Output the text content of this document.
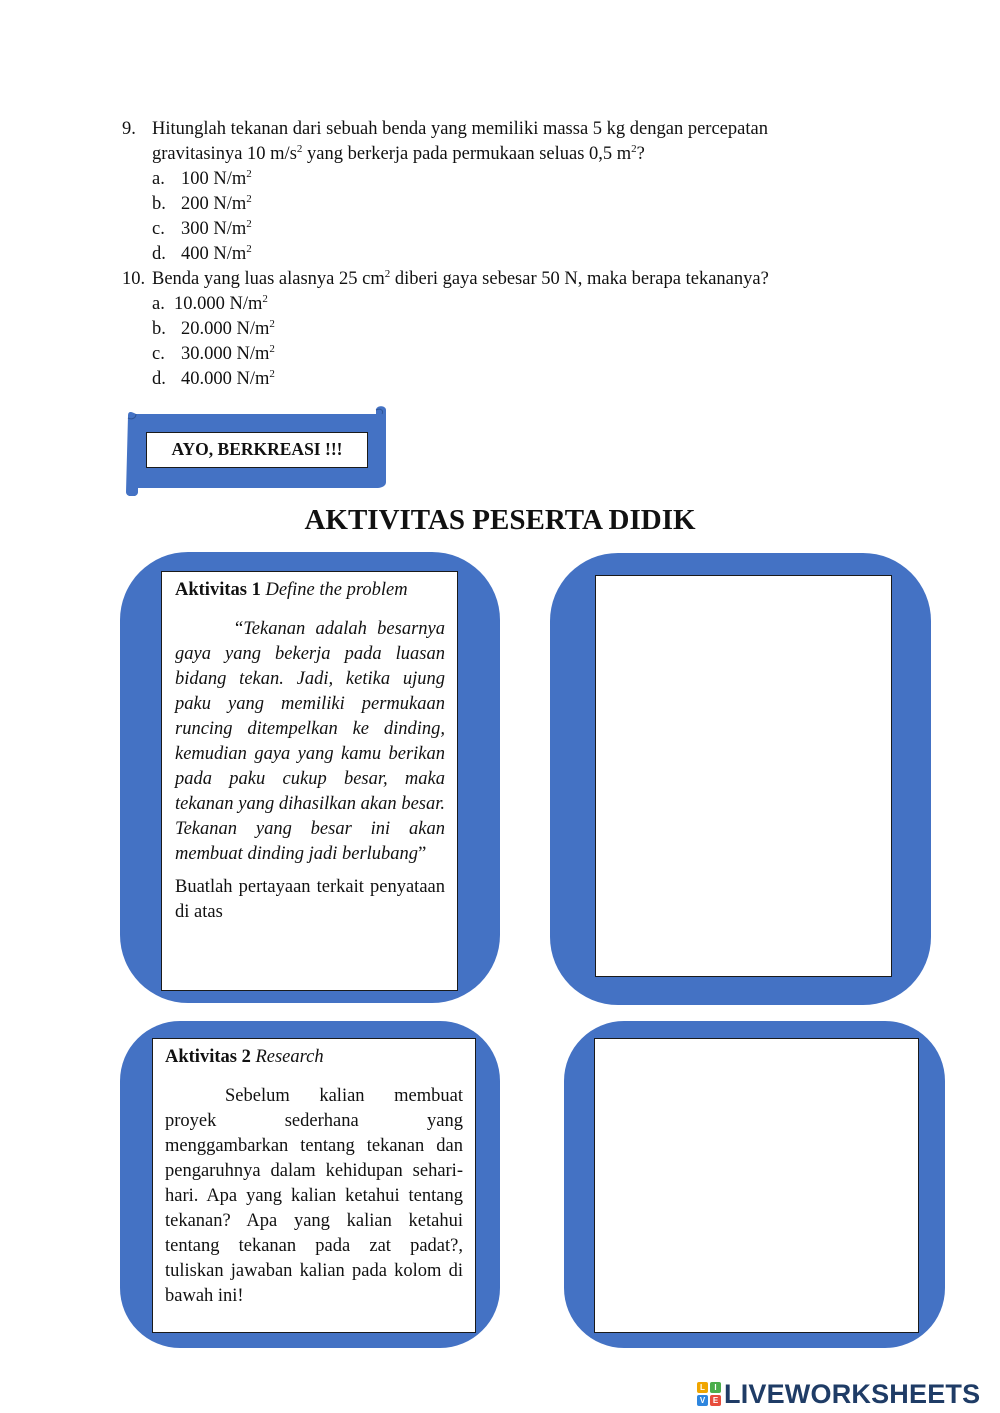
9. Hitunglah tekanan dari sebuah benda yang memiliki massa 5 kg dengan percepatan
gravitasinya 10 $m/s^2$ yang berkerja pada permukaan seluas 0,5 $m^2$?
a. 100 $N/m^2$
b. 200 $N/m^2$
c. 300 $N/m^2$
d. 400 $N/m^2$
10. Benda yang luas alasnya 25 $cm^2$ diberi gaya sebesar 50 N, maka berapa tekananya?
a. 10.000 $N/m^2$
b. 20.000 $N/m^2$
c. 30.000 $N/m^2$
d. 40.000 $N/m^2$
AYO, BERKREASI !!!
AKTIVITAS PESERTA DIDIK

Aktivitas 1 Define the problem

“Tekanan adalah besarnya gaya yang bekerja pada luasan bidang tekan. Jadi, ketika ujung paku yang memiliki permukaan runcing ditempelkan ke dinding, kemudian gaya yang kamu berikan pada paku cukup besar, maka tekanan yang dihasilkan akan besar. Tekanan yang besar ini akan membuat dinding jadi berlubang”

Buatlah pertayaan terkait penyataan di atas

Aktivitas 2 Research

Sebelum kalian membuat proyek sederhana yang menggambarkan tentang tekanan dan pengaruhnya dalam kehidupan sehari-hari. Apa yang kalian ketahui tentang tekanan? Apa yang kalian ketahui tentang tekanan pada zat padat?, tuliskan jawaban kalian pada kolom di bawah ini!

L	I
V E LIVEWORKSHEETS
